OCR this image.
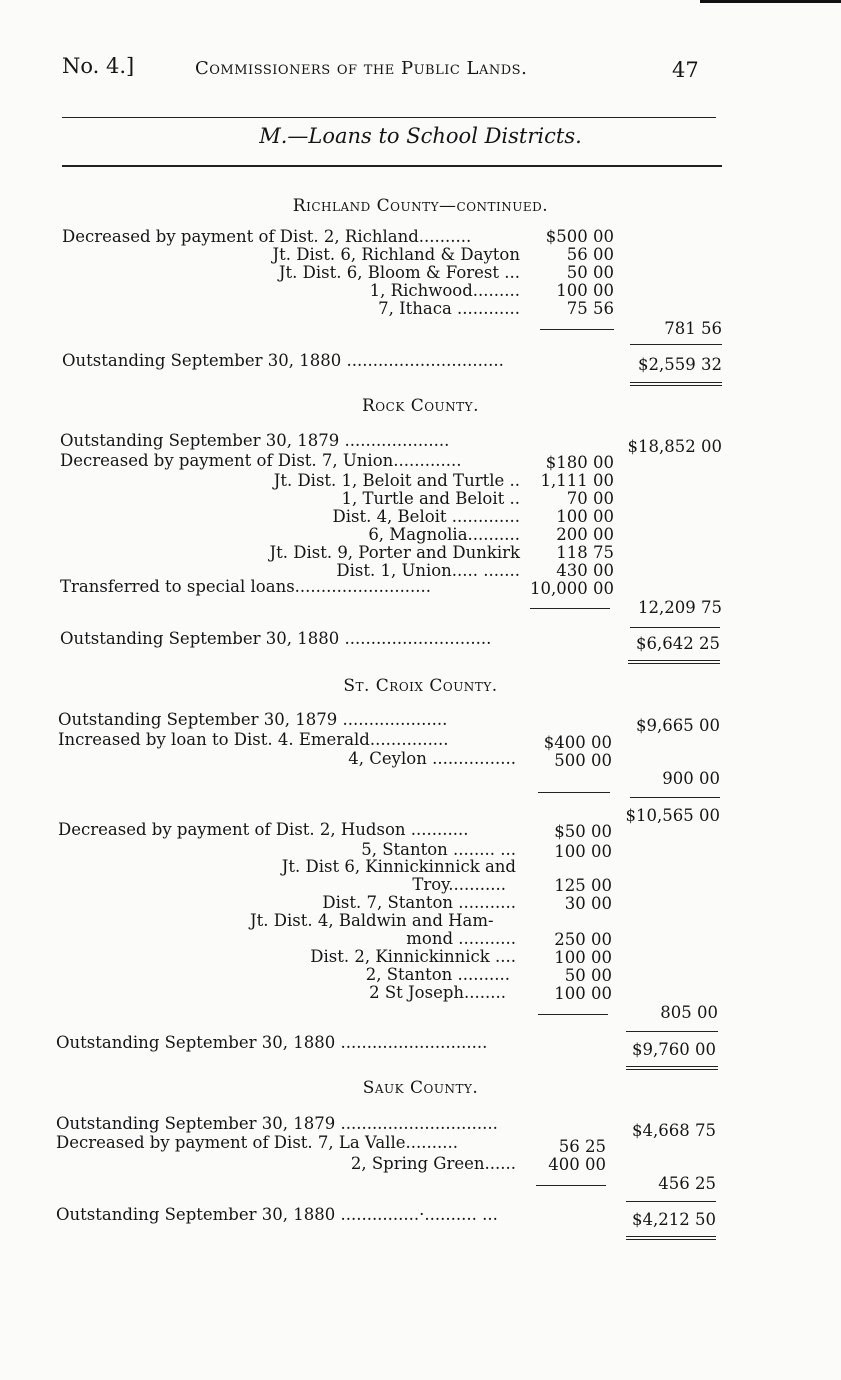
No. 4.]	Commissioners of the Public Lands.	47
M.—Loans to School Districts.
Richland County—continued.
Decreased by payment of Dist. 2, Richland..........	$500 00
Jt. Dist. 6, Richland & Dayton	56 00
Jt. Dist. 6, Bloom & Forest ...	50 00
1, Richwood.........	100 00
7, Ithaca ............	75 56
781 56
Outstanding September 30, 1880 ..............................	$2,559 32
Rock County.
Outstanding September 30, 1879 ....................	$18,852 00
Decreased by payment of Dist. 7, Union.............	$180 00
Jt. Dist. 1, Beloit and Turtle ..	1,111 00
1, Turtle and Beloit ..	70 00
Dist. 4, Beloit .............	100 00
6, Magnolia..........	200 00
Jt. Dist. 9, Porter and Dunkirk	118 75
Dist. 1, Union..... .......	430 00
Transferred to special loans..........................	10,000 00
12,209 75
Outstanding September 30, 1880 ............................	$6,642 25
St. Croix County.
Outstanding September 30, 1879 ....................	$9,665 00
Increased by loan to Dist. 4. Emerald...............	$400 00
4, Ceylon ................	500 00
900 00
$10,565 00
Decreased by payment of Dist. 2, Hudson ...........	$50 00
5, Stanton ........ ...	100 00
Jt. Dist 6, Kinnickinnick and
Troy...........	125 00
Dist. 7, Stanton ...........	30 00
Jt. Dist. 4, Baldwin and Ham-
mond ...........	250 00
Dist. 2, Kinnickinnick ....	100 00
2, Stanton ..........	50 00
2 St Joseph........	100 00
805 00
Outstanding September 30, 1880 ............................	$9,760 00
Sauk County.
Outstanding September 30, 1879 ..............................	$4,668 75
Decreased by payment of Dist. 7, La Valle..........	56 25
2, Spring Green......	400 00
456 25
Outstanding September 30, 1880 ...............·.......... ...	$4,212 50
